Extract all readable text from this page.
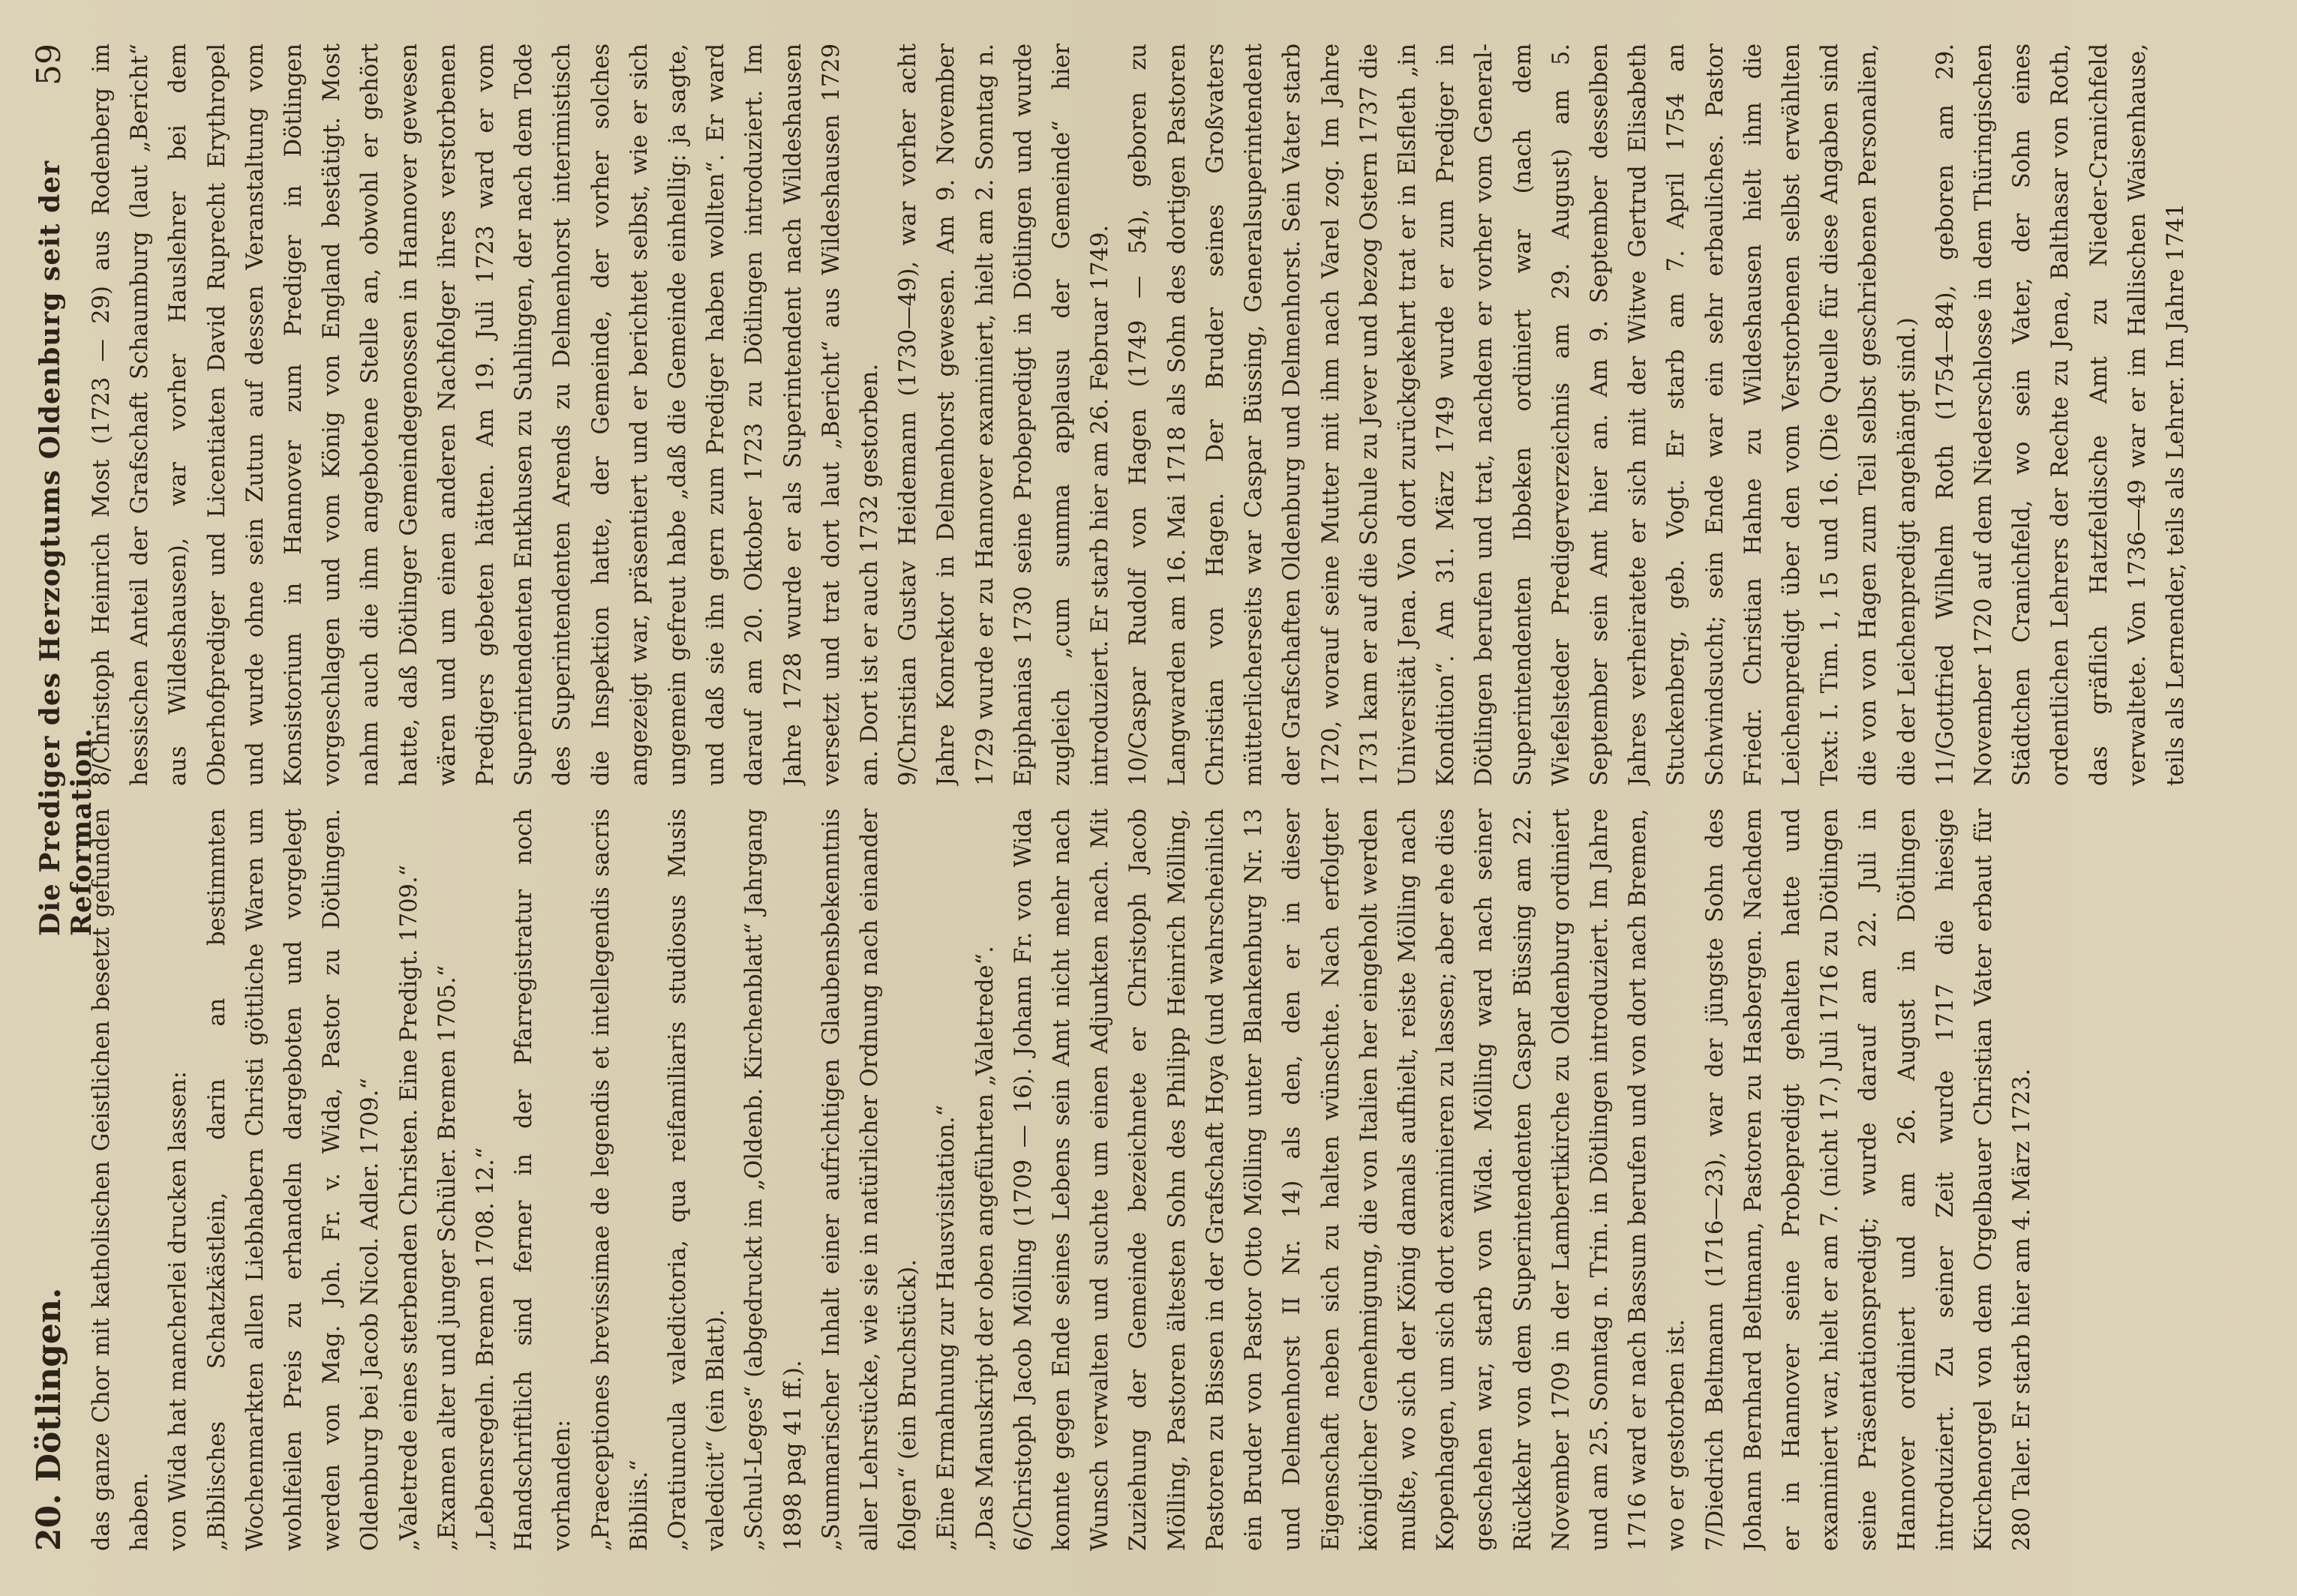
20. Dötlingen.
Die Prediger des Herzogtums Oldenburg seit der Reformation.
59

das ganze Chor mit katholischen Geistlichen besetzt gefunden haben. von Wida hat mancherlei drucken lassen: „Biblisches Schatzkästlein, darin an bestimmten Wochenmarkten allen Liebhabern Christi göttliche Waren um wohlfeilen Preis zu erhandeln dargeboten und vorgelegt werden von Mag. Joh. Fr. v. Wida, Pastor zu Dötlingen. Oldenburg bei Jacob Nicol. Adler. 1709.“ „Valetrede eines sterbenden Christen. Eine Predigt. 1709.“ „Examen alter und junger Schüler. Bremen 1705.“ „Lebensregeln. Bremen 1708. 12.“ Handschriftlich sind ferner in der Pfarregistratur noch vorhanden: „Praeceptiones brevissimae de legendis et intellegendis sacris Bibliis.“ „Oratiuncula valedictoria, qua reifamiliaris studiosus Musis valedicit“ (ein Blatt). „Schul-Leges“ (abgedruckt im „Oldenb. Kirchenblatt“ Jahrgang 1898 pag 41 ff.). „Summarischer Inhalt einer aufrichtigen Glaubensbekenntnis aller Lehrstücke, wie sie in natürlicher Ordnung nach einander folgen“ (ein Bruchstück). „Eine Ermahnung zur Hausvisitation.“ „Das Manuskript der oben angeführten „Valetrede“. 6/Christoph Jacob Mölling (1709 — 16). Johann Fr. von Wida konnte gegen Ende seines Lebens sein Amt nicht mehr nach Wunsch verwalten und suchte um einen Adjunkten nach. Mit Zuziehung der Gemeinde bezeichnete er Christoph Jacob Mölling, Pastoren ältesten Sohn des Philipp Heinrich Mölling, Pastoren zu Bissen in der Grafschaft Hoya (und wahrscheinlich ein Bruder von Pastor Otto Mölling unter Blankenburg Nr. 13 und Delmenhorst II Nr. 14) als den, den er in dieser Eigenschaft neben sich zu halten wünschte. Nach erfolgter königlicher Genehmigung, die von Italien her eingeholt werden mußte, wo sich der König damals aufhielt, reiste Mölling nach Kopenhagen, um sich dort examinieren zu lassen; aber ehe dies geschehen war, starb von Wida. Mölling ward nach seiner Rückkehr von dem Superintendenten Caspar Büssing am 22. November 1709 in der Lambertikirche zu Oldenburg ordiniert und am 25. Sonntag n. Trin. in Dötlingen introduziert. Im Jahre 1716 ward er nach Bassum berufen und von dort nach Bremen, wo er gestorben ist. 7/Diedrich Beltmann (1716—23), war der jüngste Sohn des Johann Bernhard Beltmann, Pastoren zu Hasbergen. Nachdem er in Hannover seine Probepredigt gehalten hatte und examiniert war, hielt er am 7. (nicht 17.) Juli 1716 zu Dötlingen seine Präsentationspredigt; wurde darauf am 22. Juli in Hannover ordiniert und am 26. August in Dötlingen introduziert. Zu seiner Zeit wurde 1717 die hiesige Kirchenorgel von dem Orgelbauer Christian Vater erbaut für 280 Taler. Er starb hier am 4. März 1723.

8/Christoph Heinrich Most (1723 — 29) aus Rodenberg im hessischen Anteil der Grafschaft Schaumburg (laut „Bericht“ aus Wildeshausen), war vorher Hauslehrer bei dem Oberhofprediger und Licentiaten David Ruprecht Erythropel und wurde ohne sein Zutun auf dessen Veranstaltung vom Konsistorium in Hannover zum Prediger in Dötlingen vorgeschlagen und vom König von England bestätigt. Most nahm auch die ihm angebotene Stelle an, obwohl er gehört hatte, daß Dötlinger Gemeindegenossen in Hannover gewesen wären und um einen anderen Nachfolger ihres verstorbenen Predigers gebeten hätten. Am 19. Juli 1723 ward er vom Superintendenten Entkhusen zu Suhlingen, der nach dem Tode des Superintendenten Arends zu Delmenhorst interimistisch die Inspektion hatte, der Gemeinde, der vorher solches angezeigt war, präsentiert und er berichtet selbst, wie er sich ungemein gefreut habe „daß die Gemeinde einhellig: ja sagte, und daß sie ihn gern zum Prediger haben wollten“. Er ward darauf am 20. Oktober 1723 zu Dötlingen introduziert. Im Jahre 1728 wurde er als Superintendent nach Wildeshausen versetzt und trat dort laut „Bericht“ aus Wildeshausen 1729 an. Dort ist er auch 1732 gestorben. 9/Christian Gustav Heidemann (1730—49), war vorher acht Jahre Konrektor in Delmenhorst gewesen. Am 9. November 1729 wurde er zu Hannover examiniert, hielt am 2. Sonntag n. Epiphanias 1730 seine Probepredigt in Dötlingen und wurde zugleich „cum summa applausu der Gemeinde“ hier introduziert. Er starb hier am 26. Februar 1749. 10/Caspar Rudolf von Hagen (1749 — 54), geboren zu Langwarden am 16. Mai 1718 als Sohn des dortigen Pastoren Christian von Hagen. Der Bruder seines Großvaters mütterlicherseits war Caspar Büssing, Generalsuperintendent der Grafschaften Oldenburg und Delmenhorst. Sein Vater starb 1720, worauf seine Mutter mit ihm nach Varel zog. Im Jahre 1731 kam er auf die Schule zu Jever und bezog Ostern 1737 die Universität Jena. Von dort zurückgekehrt trat er in Elsfleth „in Kondition“. Am 31. März 1749 wurde er zum Prediger in Dötlingen berufen und trat, nachdem er vorher vom General-Superintendenten Ibbeken ordiniert war (nach dem Wiefelsteder Predigerverzeichnis am 29. August) am 5. September sein Amt hier an. Am 9. September desselben Jahres verheiratete er sich mit der Witwe Gertrud Elisabeth Stuckenberg, geb. Vogt. Er starb am 7. April 1754 an Schwindsucht; sein Ende war ein sehr erbauliches. Pastor Friedr. Christian Hahne zu Wildeshausen hielt ihm die Leichenpredigt über den vom Verstorbenen selbst erwählten Text: I. Tim. 1, 15 und 16. (Die Quelle für diese Angaben sind die von von Hagen zum Teil selbst geschriebenen Personalien, die der Leichenpredigt angehängt sind.) 11/Gottfried Wilhelm Roth (1754—84), geboren am 29. November 1720 auf dem Niederschlosse in dem Thüringischen Städtchen Cranichfeld, wo sein Vater, der Sohn eines ordentlichen Lehrers der Rechte zu Jena, Balthasar von Roth, das gräflich Hatzfeldische Amt zu Nieder-Cranichfeld verwaltete. Von 1736—49 war er im Hallischen Waisenhause, teils als Lernender, teils als Lehrer. Im Jahre 1741
